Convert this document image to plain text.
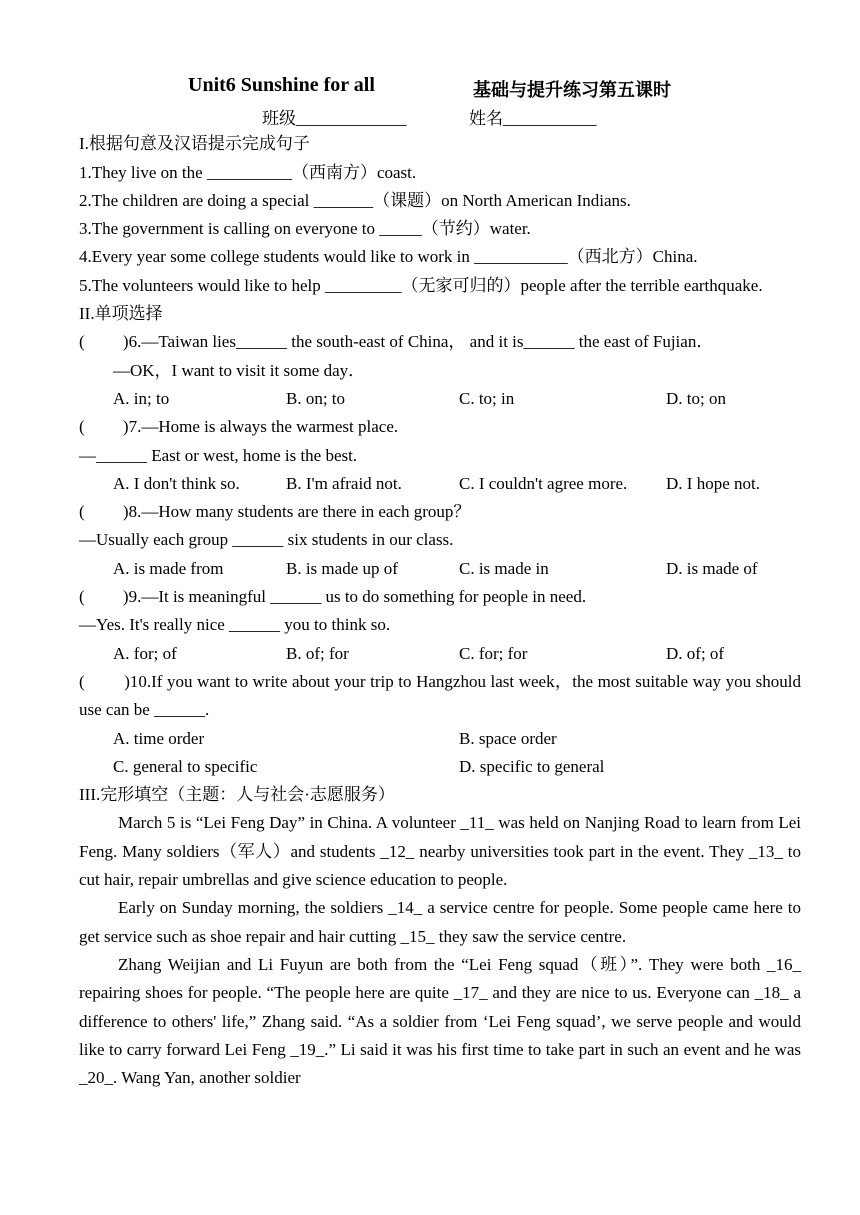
Unit6 Sunshine for all	基础与提升练习第五课时
班级_____________	姓名___________
I.根据句意及汉语提示完成句子
1.They live on the __________（西南方）coast.
2.The children are doing a special _______（课题）on North American Indians.
3.The government is calling on everyone to _____（节约）water.
4.Every year some college students would like to work in ___________（西北方）China.
5.The volunteers would like to help _________（无家可归的）people after the terrible earthquake.
II.单项选择
(　　 )6.—Taiwan lies______ the south-east of China， and it is______ the east of Fujian．
—OK，I want to visit it some day．
A. in; to	B. on; to	C. to; in	D. to; on
(　　 )7.—Home is always the warmest place.
—______ East or west, home is the best.
A. I don't think so.	B. I'm afraid not.	C. I couldn't agree more. D. I hope not.
(　　 )8.—How many students are there in each group？
—Usually each group ______ six students in our class.
A. is made from	B. is made up of	C. is made in	D. is made of
(　　 )9.—It is meaningful ______ us to do something for people in need.
—Yes. It's really nice ______ you to think so.
A. for; of	B. of; for	C. for; for	D. of; of
(　　 )10.If you want to write about your trip to Hangzhou last week，the most suitable way you should use can be ______.
A. time order	B. space order
C. general to specific	D. specific to general
III.完形填空（主题：人与社会·志愿服务）
March 5 is “Lei Feng Day” in China. A volunteer _11_ was held on Nanjing Road to learn from Lei Feng. Many soldiers（军人）and students _12_ nearby universities took part in the event. They _13_ to cut hair, repair umbrellas and give science education to people.
Early on Sunday morning, the soldiers _14_ a service centre for people. Some people came here to get service such as shoe repair and hair cutting _15_ they saw the service centre.
Zhang Weijian and Li Fuyun are both from the “Lei Feng squad（班）”. They were both _16_ repairing shoes for people. “The people here are quite _17_ and they are nice to us. Everyone can _18_ a difference to others' life,” Zhang said. “As a soldier from ‘Lei Feng squad’, we serve people and would like to carry forward Lei Feng _19_.” Li said it was his first time to take part in such an event and he was _20_. Wang Yan, another soldier
